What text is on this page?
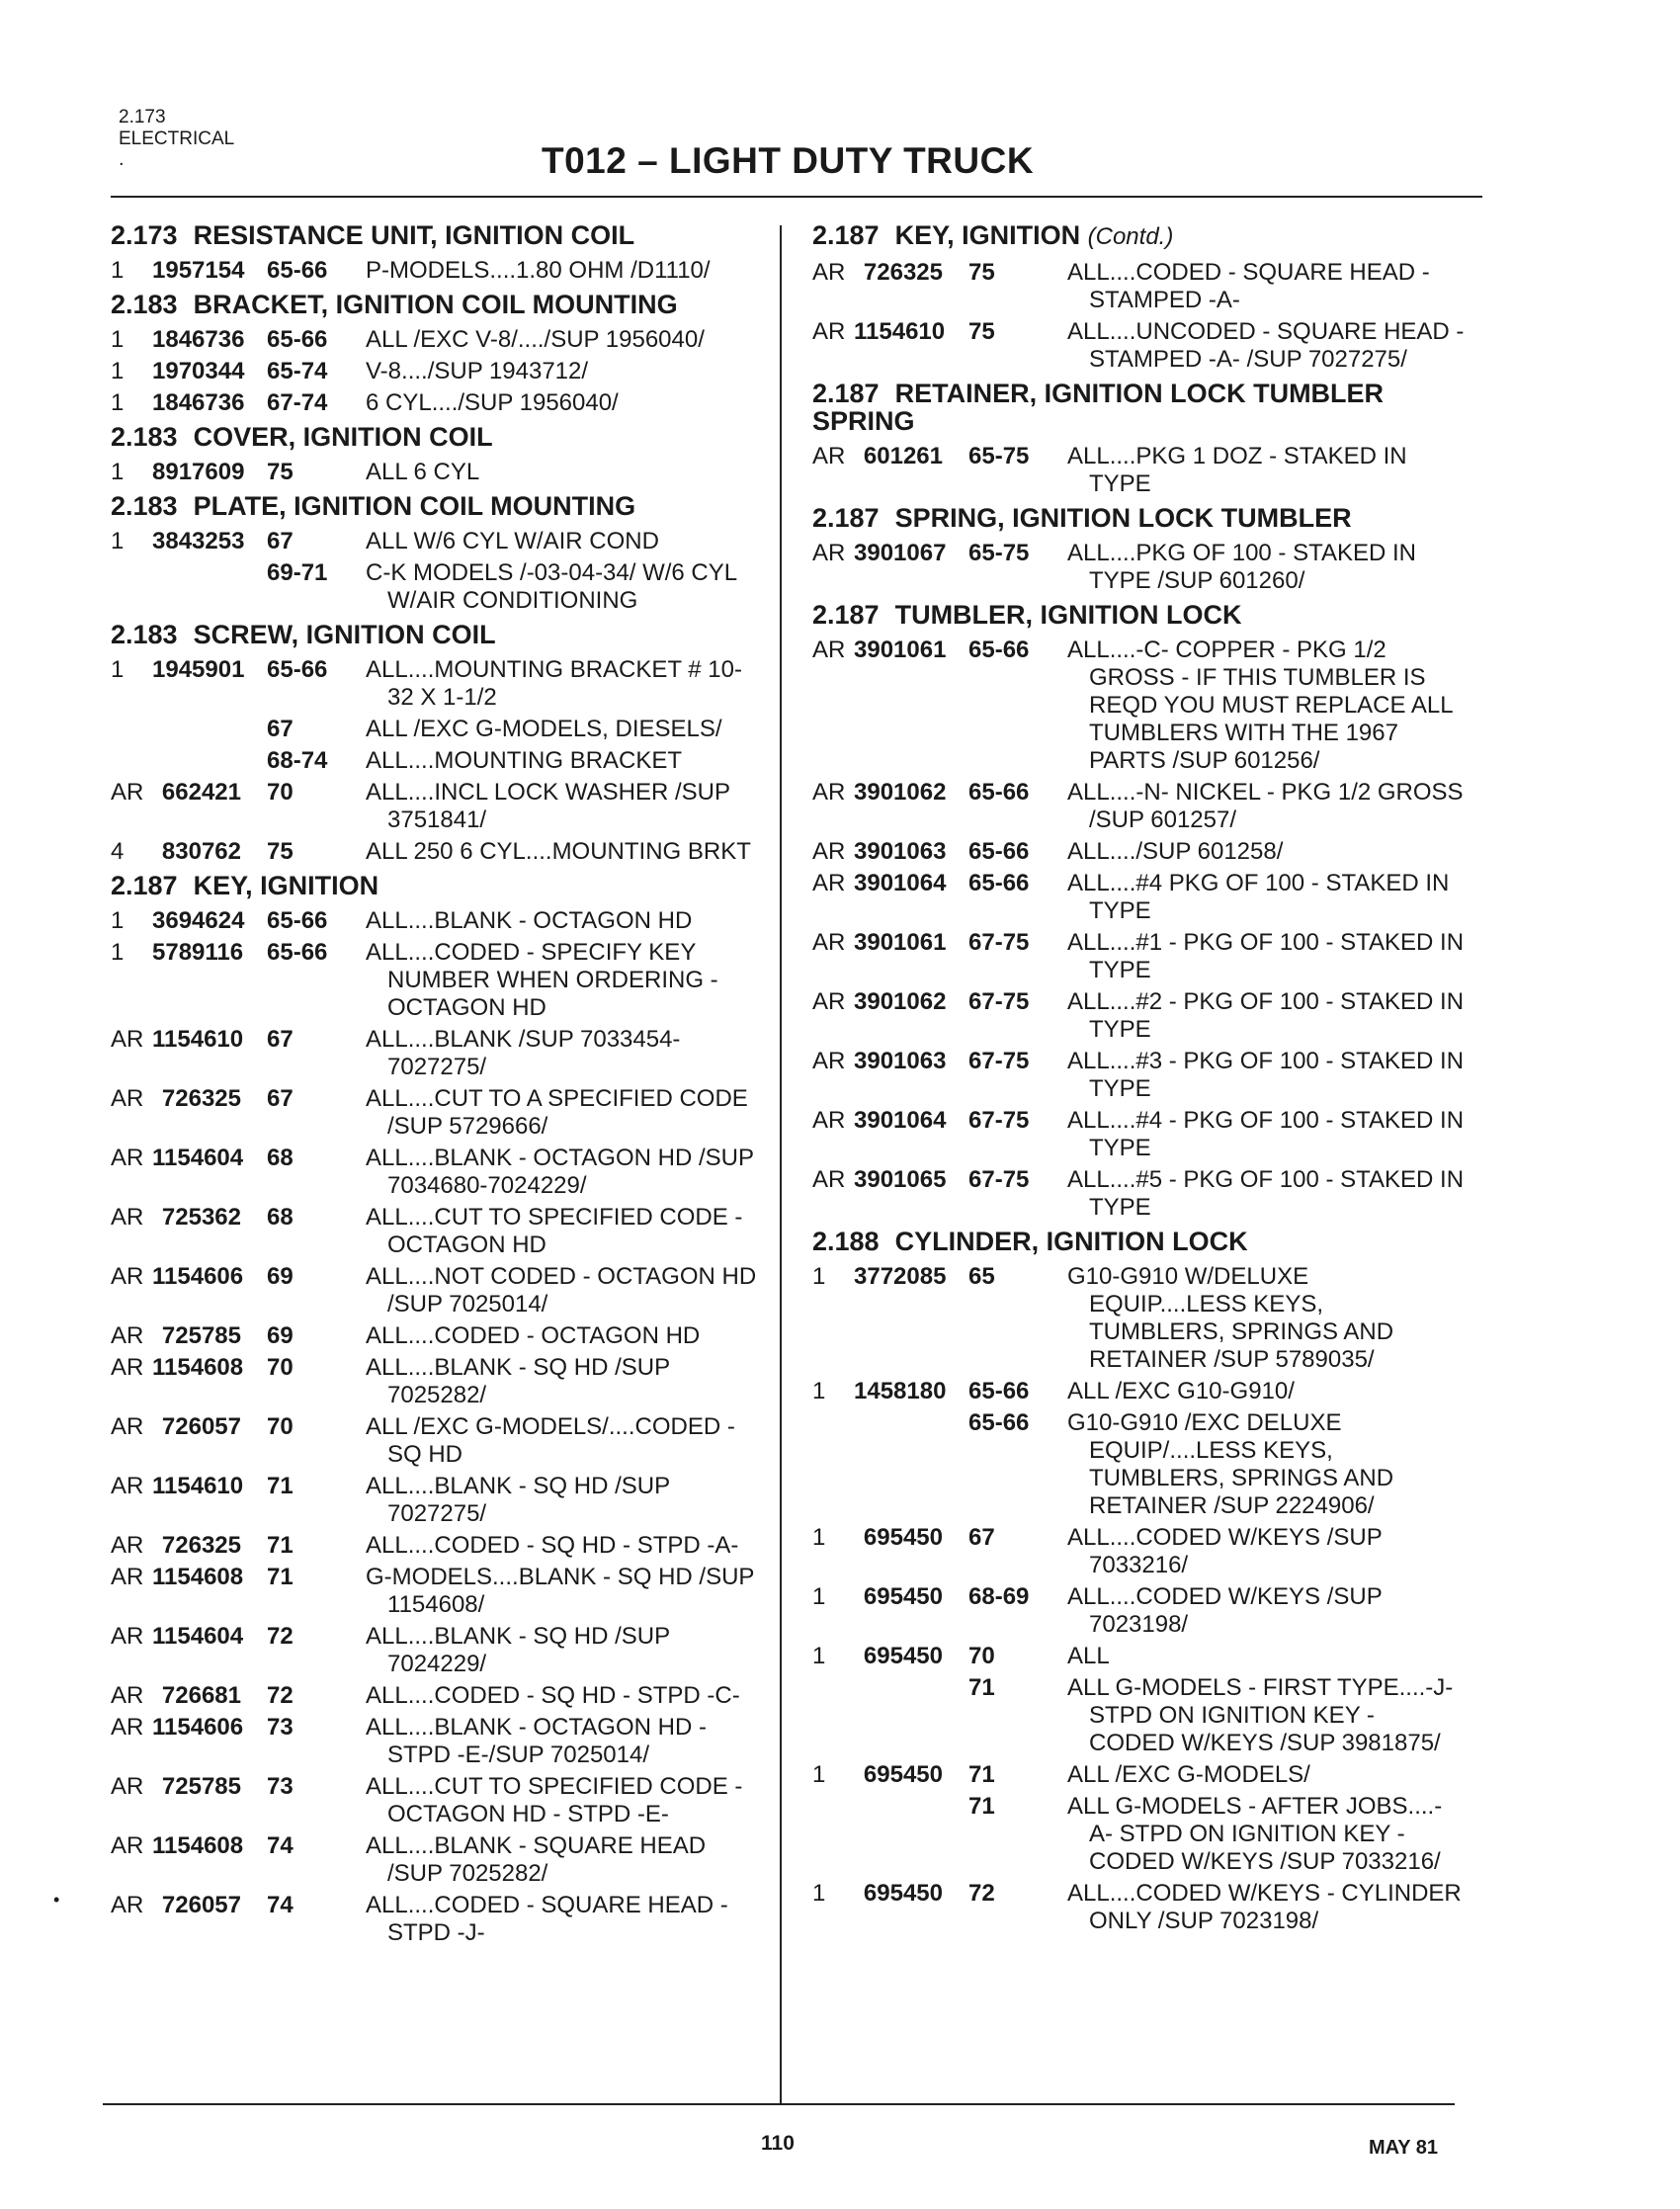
2.173
ELECTRICAL
.	T012 – LIGHT DUTY TRUCK
2.173 RESISTANCE UNIT, IGNITION COIL
1	1957154 65-66	P-MODELS....1.80 OHM /D1110/
2.183 BRACKET, IGNITION COIL MOUNTING
1	1846736 65-66	ALL /EXC V-8/..../SUP 1956040/
1	1970344 65-74	V-8..../SUP 1943712/
1	1846736 67-74	6 CYL..../SUP 1956040/
2.183 COVER, IGNITION COIL
1	8917609 75	ALL 6 CYL
2.183 PLATE, IGNITION COIL MOUNTING
1	3843253 67	ALL W/6 CYL W/AIR COND
69-71	C-K MODELS /-03-04-34/ W/6 CYL W/AIR CONDITIONING
2.183 SCREW, IGNITION COIL
1	1945901 65-66	ALL....MOUNTING BRACKET # 10-32 X 1-1/2
67	ALL /EXC G-MODELS, DIESELS/
68-74	ALL....MOUNTING BRACKET
AR 662421	70	ALL....INCL LOCK WASHER /SUP 3751841/
4	830762	75	ALL 250 6 CYL....MOUNTING BRKT
2.187 KEY, IGNITION
1	3694624 65-66	ALL....BLANK - OCTAGON HD
1	5789116 65-66	ALL....CODED - SPECIFY KEY NUMBER WHEN ORDERING - OCTAGON HD
AR 1154610 67	ALL....BLANK /SUP 7033454-7027275/
AR 726325	67	ALL....CUT TO A SPECIFIED CODE /SUP 5729666/
AR 1154604 68	ALL....BLANK - OCTAGON HD /SUP 7034680-7024229/
AR 725362	68	ALL....CUT TO SPECIFIED CODE - OCTAGON HD
AR 1154606 69	ALL....NOT CODED - OCTAGON HD /SUP 7025014/
AR 725785	69	ALL....CODED - OCTAGON HD
AR 1154608 70	ALL....BLANK - SQ HD /SUP 7025282/
AR 726057	70	ALL /EXC G-MODELS/....CODED - SQ HD
AR 1154610 71	ALL....BLANK - SQ HD /SUP 7027275/
AR 726325	71	ALL....CODED - SQ HD - STPD -A-
AR 1154608 71	G-MODELS....BLANK - SQ HD /SUP 1154608/
AR 1154604 72	ALL....BLANK - SQ HD /SUP 7024229/
AR 726681	72	ALL....CODED - SQ HD - STPD -C-
AR 1154606 73	ALL....BLANK - OCTAGON HD - STPD -E-/SUP 7025014/
AR 725785	73	ALL....CUT TO SPECIFIED CODE - OCTAGON HD - STPD -E-
AR 1154608 74	ALL....BLANK - SQUARE HEAD /SUP 7025282/
AR 726057	74	ALL....CODED - SQUARE HEAD - STPD -J-
2.187 KEY, IGNITION (Contd.)
AR 726325	75	ALL....CODED - SQUARE HEAD - STAMPED -A-
AR 1154610 75	ALL....UNCODED - SQUARE HEAD - STAMPED -A- /SUP 7027275/
2.187 RETAINER, IGNITION LOCK TUMBLER SPRING
AR 601261	65-75	ALL....PKG 1 DOZ - STAKED IN TYPE
2.187 SPRING, IGNITION LOCK TUMBLER
AR 3901067 65-75	ALL....PKG OF 100 - STAKED IN TYPE /SUP 601260/
2.187 TUMBLER, IGNITION LOCK
AR 3901061 65-66	ALL....-C- COPPER - PKG 1/2 GROSS - IF THIS TUMBLER IS REQD YOU MUST REPLACE ALL TUMBLERS WITH THE 1967 PARTS /SUP 601256/
AR 3901062 65-66	ALL....-N- NICKEL - PKG 1/2 GROSS /SUP 601257/
AR 3901063 65-66	ALL..../SUP 601258/
AR 3901064 65-66	ALL....#4 PKG OF 100 - STAKED IN TYPE
AR 3901061 67-75	ALL....#1 - PKG OF 100 - STAKED IN TYPE
AR 3901062 67-75	ALL....#2 - PKG OF 100 - STAKED IN TYPE
AR 3901063 67-75	ALL....#3 - PKG OF 100 - STAKED IN TYPE
AR 3901064 67-75	ALL....#4 - PKG OF 100 - STAKED IN TYPE
AR 3901065 67-75	ALL....#5 - PKG OF 100 - STAKED IN TYPE
2.188 CYLINDER, IGNITION LOCK
1	3772085 65	G10-G910 W/DELUXE EQUIP....LESS KEYS, TUMBLERS, SPRINGS AND RETAINER /SUP 5789035/
1	1458180 65-66	ALL /EXC G10-G910/
65-66	G10-G910 /EXC DELUXE EQUIP/....LESS KEYS, TUMBLERS, SPRINGS AND RETAINER /SUP 2224906/
1	695450	67	ALL....CODED W/KEYS /SUP 7033216/
1	695450	68-69	ALL....CODED W/KEYS /SUP 7023198/
1	695450	70	ALL
71	ALL G-MODELS - FIRST TYPE....-J- STPD ON IGNITION KEY - CODED W/KEYS /SUP 3981875/
1	695450	71	ALL /EXC G-MODELS/
71	ALL G-MODELS - AFTER JOBS....-A- STPD ON IGNITION KEY - CODED W/KEYS /SUP 7033216/
1	695450	72	ALL....CODED W/KEYS - CYLINDER ONLY /SUP 7023198/
•
110	MAY 81
